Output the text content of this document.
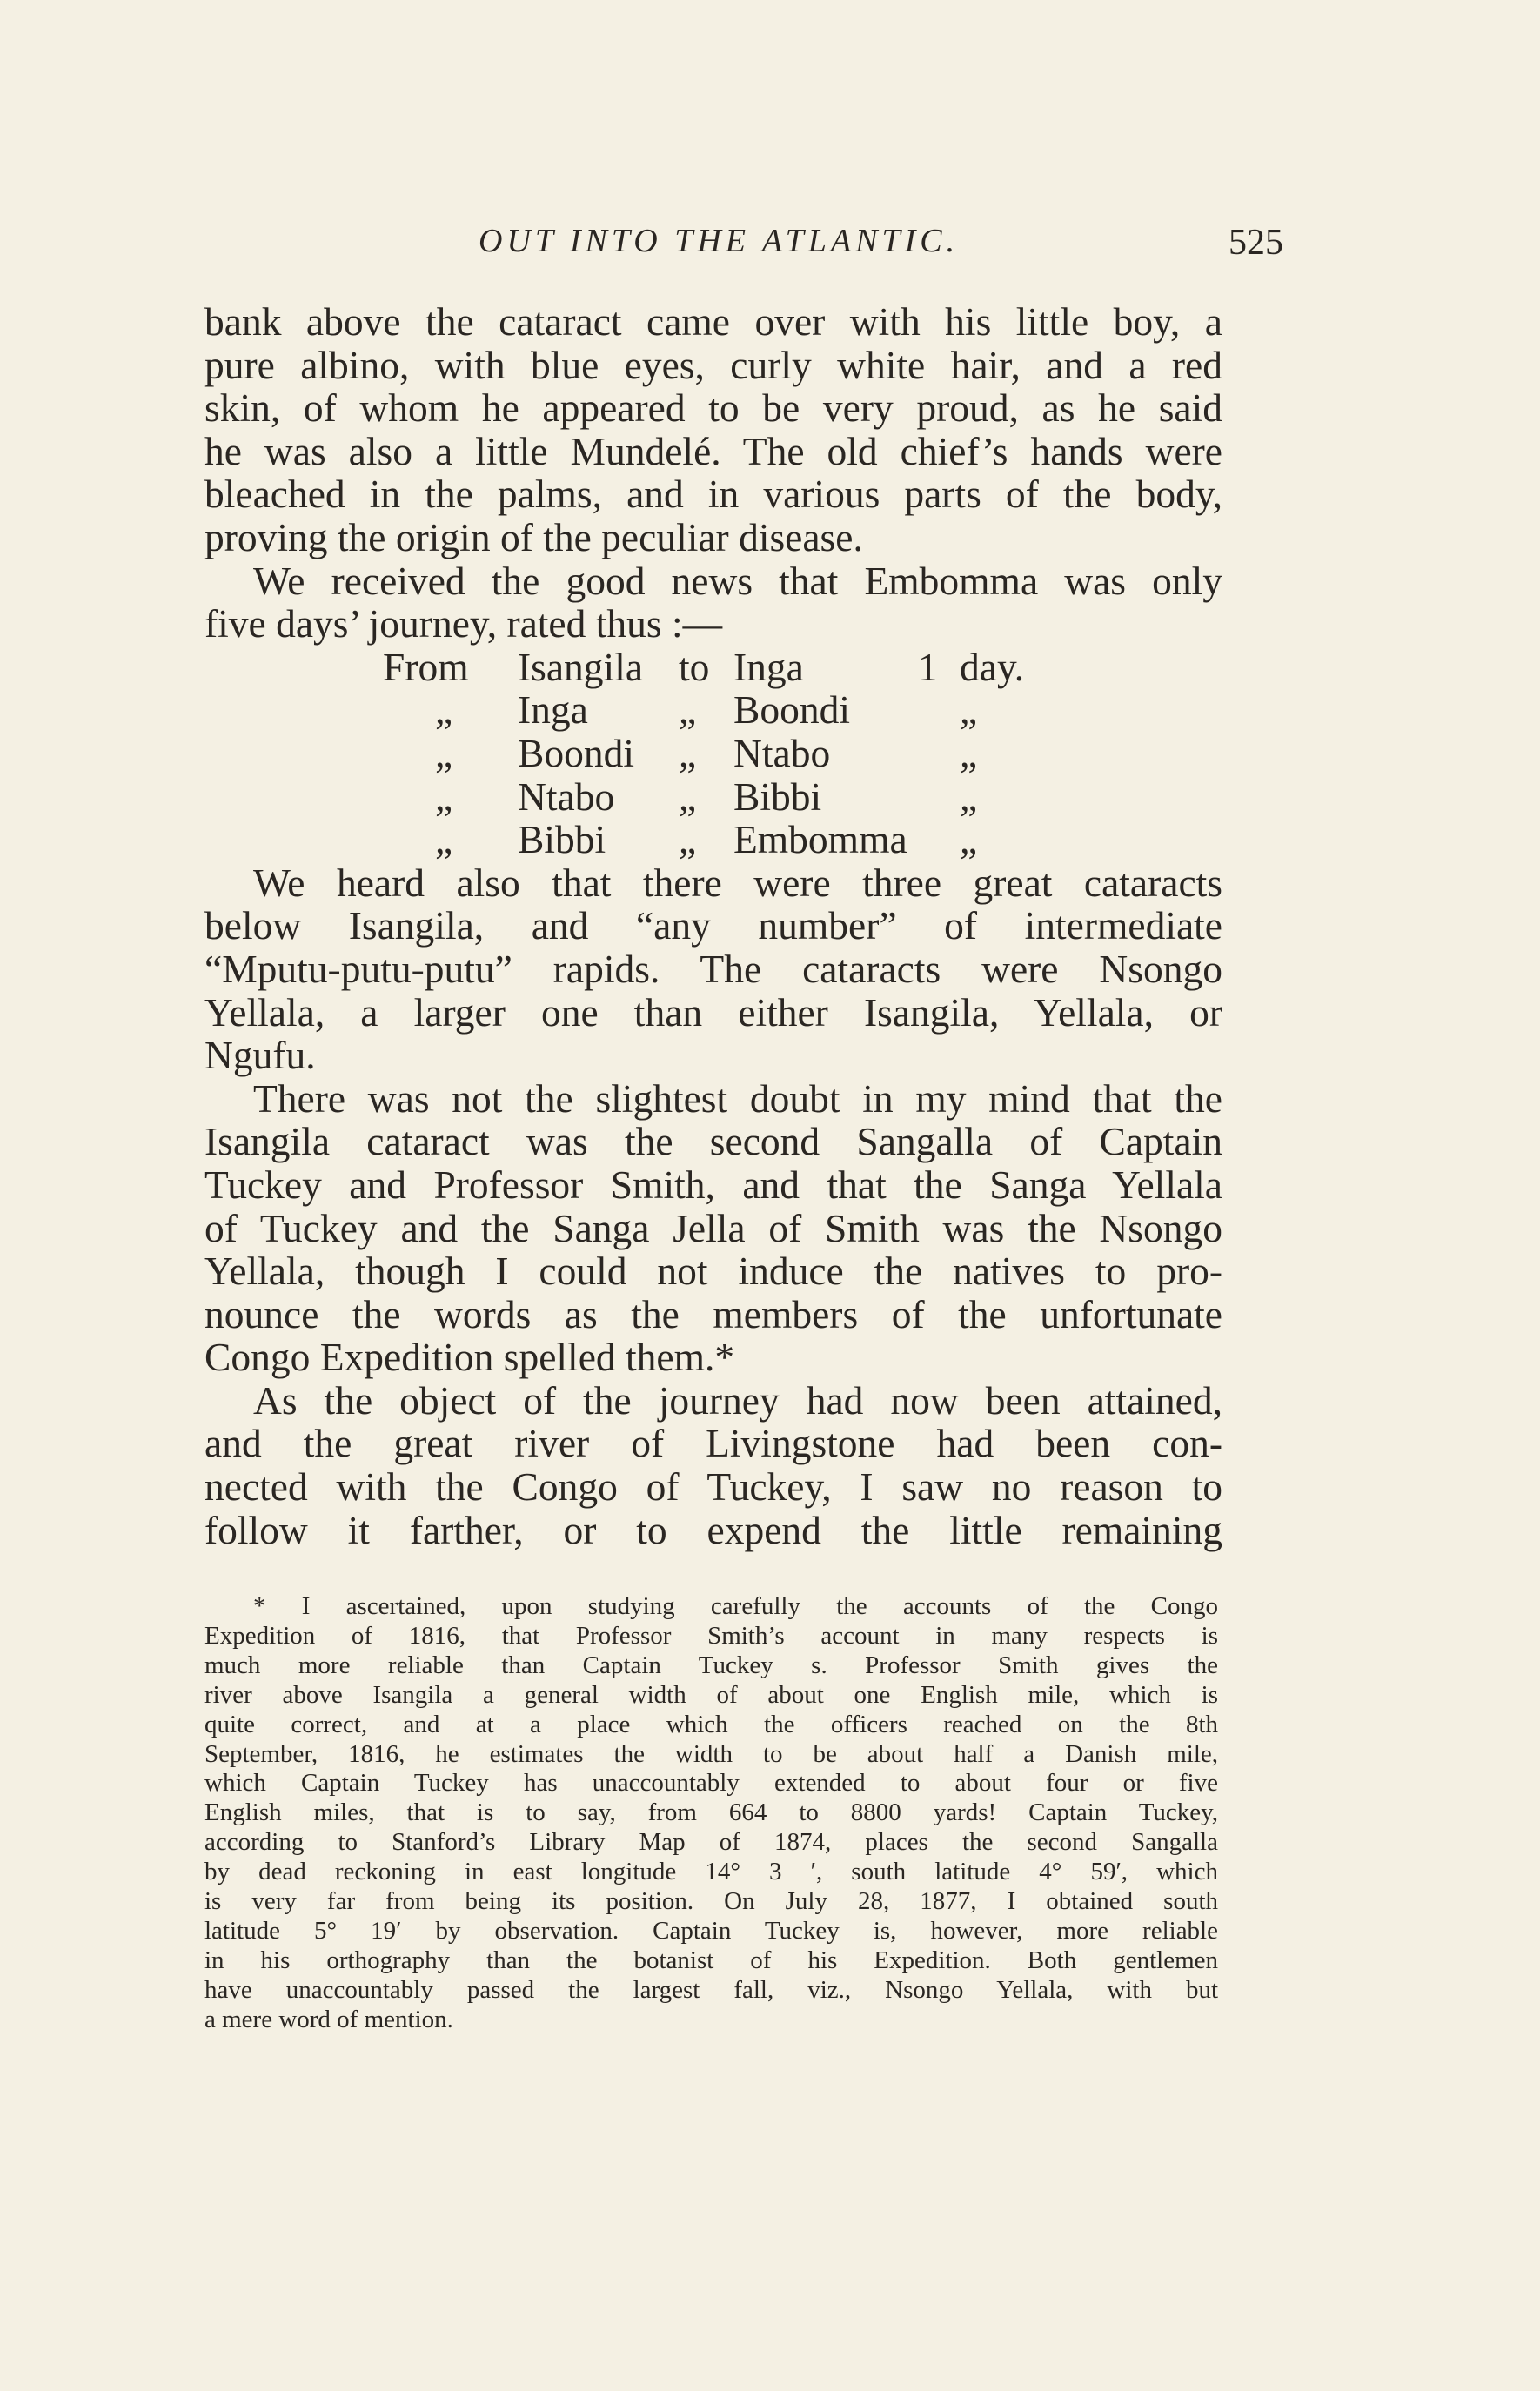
OUT INTO THE ATLANTIC.	525
bank above the cataract came over with his little boy, a
pure albino, with blue eyes, curly white hair, and a red
skin, of whom he appeared to be very proud, as he said
he was also a little Mundelé. The old chief’s hands were
bleached in the palms, and in various parts of the body,
proving the origin of the peculiar disease.
We received the good news that Embomma was only
five days’ journey, rated thus :—
From Isangila to Inga	1 day.
„ Inga „ Boondi	„
„ Boondi „ Ntabo	„
„ Ntabo „ Bibbi	„
„ Bibbi „ Embomma „
We heard also that there were three great cataracts
below Isangila, and “any number” of intermediate
“Mputu-putu-putu” rapids. The cataracts were Nsongo
Yellala, a larger one than either Isangila, Yellala, or
Ngufu.
There was not the slightest doubt in my mind that the
Isangila cataract was the second Sangalla of Captain
Tuckey and Professor Smith, and that the Sanga Yellala
of Tuckey and the Sanga Jella of Smith was the Nsongo
Yellala, though I could not induce the natives to pro-
nounce the words as the members of the unfortunate
Congo Expedition spelled them.*
As the object of the journey had now been attained,
and the great river of Livingstone had been con-
nected with the Congo of Tuckey, I saw no reason to
follow it farther, or to expend the little remaining
* I ascertained, upon studying carefully the accounts of the Congo
Expedition of 1816, that Professor Smith’s account in many respects is
much more reliable than Captain Tuckey s. Professor Smith gives the
river above Isangila a general width of about one English mile, which is
quite correct, and at a place which the officers reached on the 8th
September, 1816, he estimates the width to be about half a Danish mile,
which Captain Tuckey has unaccountably extended to about four or five
English miles, that is to say, from 664 to 8800 yards! Captain Tuckey,
according to Stanford’s Library Map of 1874, places the second Sangalla
by dead reckoning in east longitude 14° 3 ′, south latitude 4° 59′, which
is very far from being its position. On July 28, 1877, I obtained south
latitude 5° 19′ by observation. Captain Tuckey is, however, more reliable
in his orthography than the botanist of his Expedition. Both gentlemen
have unaccountably passed the largest fall, viz., Nsongo Yellala, with but
a mere word of mention.
